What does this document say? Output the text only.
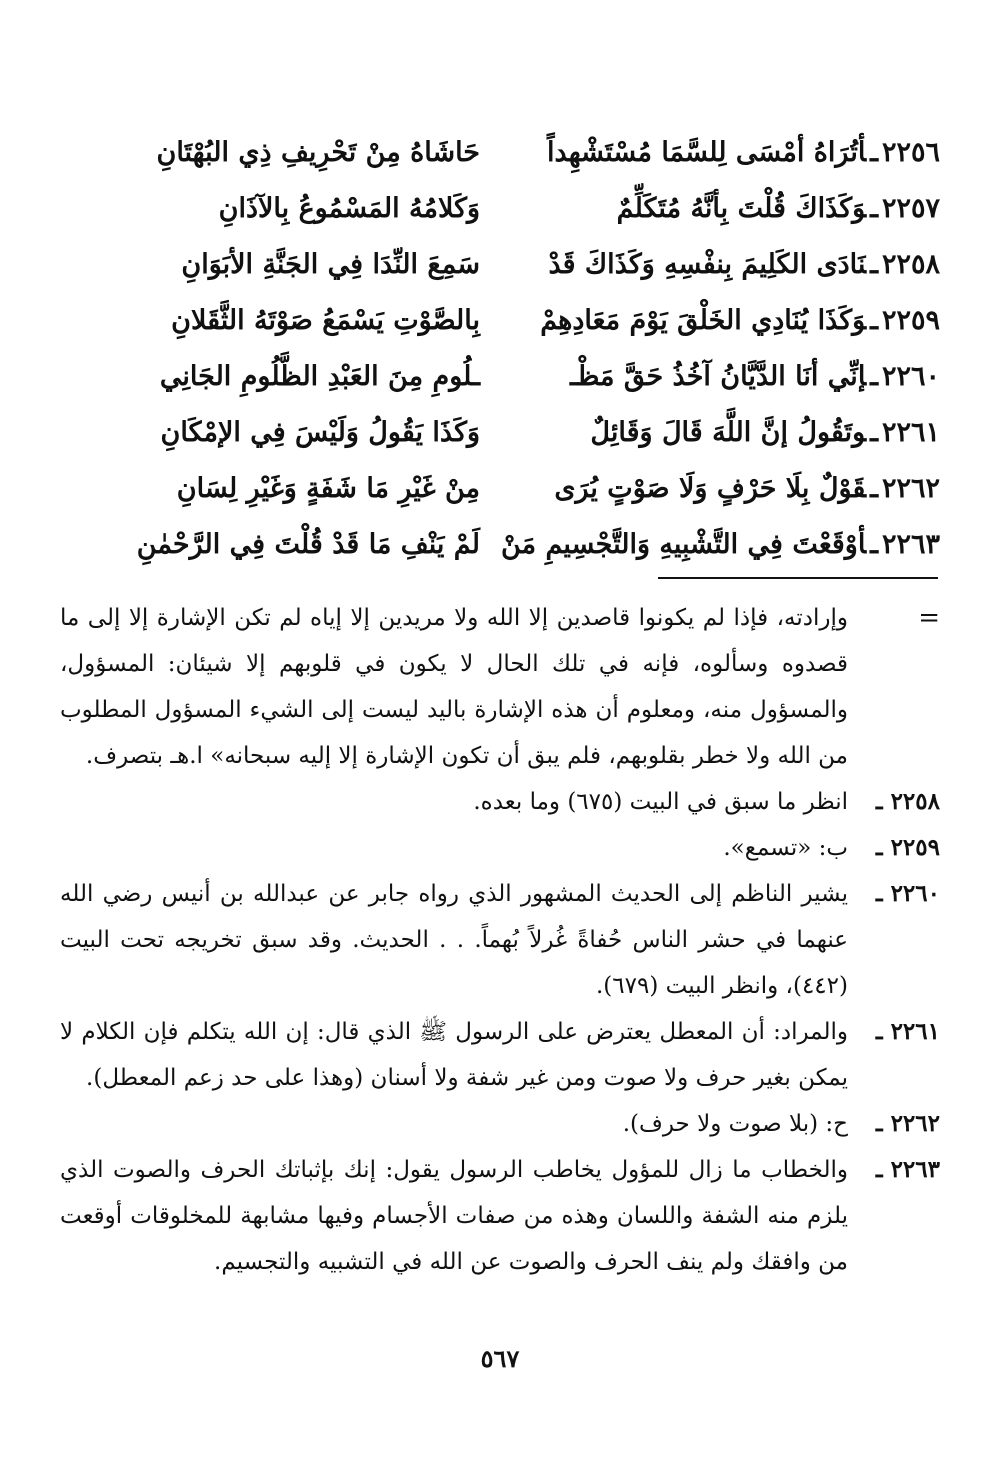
٢٢٥٦ـأتُرَاهُ أمْسَى لِلسَّمَا مُسْتَشْهِداً
حَاشَاهُ مِنْ تَحْرِيفِ ذِي البُهْتَانِ
٢٢٥٧ـوَكَذَاكَ قُلْتَ بِأنَّهُ مُتَكَلِّمٌ
وَكَلامُهُ المَسْمُوعُ بِالآذَانِ
٢٢٥٨ـنَادَى الكَلِيمَ بِنفْسِهِ وَكَذَاكَ قَدْ
سَمِعَ النِّدَا فِي الجَنَّةِ الأبَوَانِ
٢٢٥٩ـوَكَذَا يُنَادِي الخَلْقَ يَوْمَ مَعَادِهِمْ
بِالصَّوْتِ يَسْمَعُ صَوْتَهُ الثَّقَلانِ
٢٢٦٠ـإنِّي أنَا الدَّيَّانُ آخُذُ حَقَّ مَظْـ
ـلُومِ مِنَ العَبْدِ الظَّلُومِ الجَانِي
٢٢٦١ـوتَقُولُ إنَّ اللَّهَ قَالَ وَقَائِلٌ
وَكَذَا يَقُولُ وَلَيْسَ فِي الإمْكَانِ
٢٢٦٢ـقَوْلٌ بِلَا حَرْفٍ وَلَا صَوْتٍ يُرَى
مِنْ غَيْرِ مَا شَفَةٍ وَغَيْرِ لِسَانِ
٢٢٦٣ـأوْقَعْتَ فِي التَّشْبِيهِ وَالتَّجْسِيمِ مَنْ
لَمْ يَنْفِ مَا قَدْ قُلْتَ فِي الرَّحْمٰنِ
=
وإرادته، فإذا لم يكونوا قاصدين إلا الله ولا مريدين إلا إياه لم تكن الإشارة إلا إلى ما قصدوه وسألوه، فإنه في تلك الحال لا يكون في قلوبهم إلا شيئان: المسؤول، والمسؤول منه، ومعلوم أن هذه الإشارة باليد ليست إلى الشيء المسؤول المطلوب من الله ولا خطر بقلوبهم، فلم يبق أن تكون الإشارة إلا إليه سبحانه» ا.هـ بتصرف.
٢٢٥٨ ـ
انظر ما سبق في البيت (٦٧٥) وما بعده.
٢٢٥٩ ـ
ب: «تسمع».
٢٢٦٠ ـ
يشير الناظم إلى الحديث المشهور الذي رواه جابر عن عبدالله بن أنيس رضي الله عنهما في حشر الناس حُفاةً غُرلاً بُهماً. . . الحديث. وقد سبق تخريجه تحت البيت (٤٤٢)، وانظر البيت (٦٧٩).
٢٢٦١ ـ
والمراد: أن المعطل يعترض على الرسول ﷺ الذي قال: إن الله يتكلم فإن الكلام لا يمكن بغير حرف ولا صوت ومن غير شفة ولا أسنان (وهذا على حد زعم المعطل).
٢٢٦٢ ـ
ح: (بلا صوت ولا حرف).
٢٢٦٣ ـ
والخطاب ما زال للمؤول يخاطب الرسول يقول: إنك بإثباتك الحرف والصوت الذي يلزم منه الشفة واللسان وهذه من صفات الأجسام وفيها مشابهة للمخلوقات أوقعت من وافقك ولم ينف الحرف والصوت عن الله في التشبيه والتجسيم.
٥٦٧
